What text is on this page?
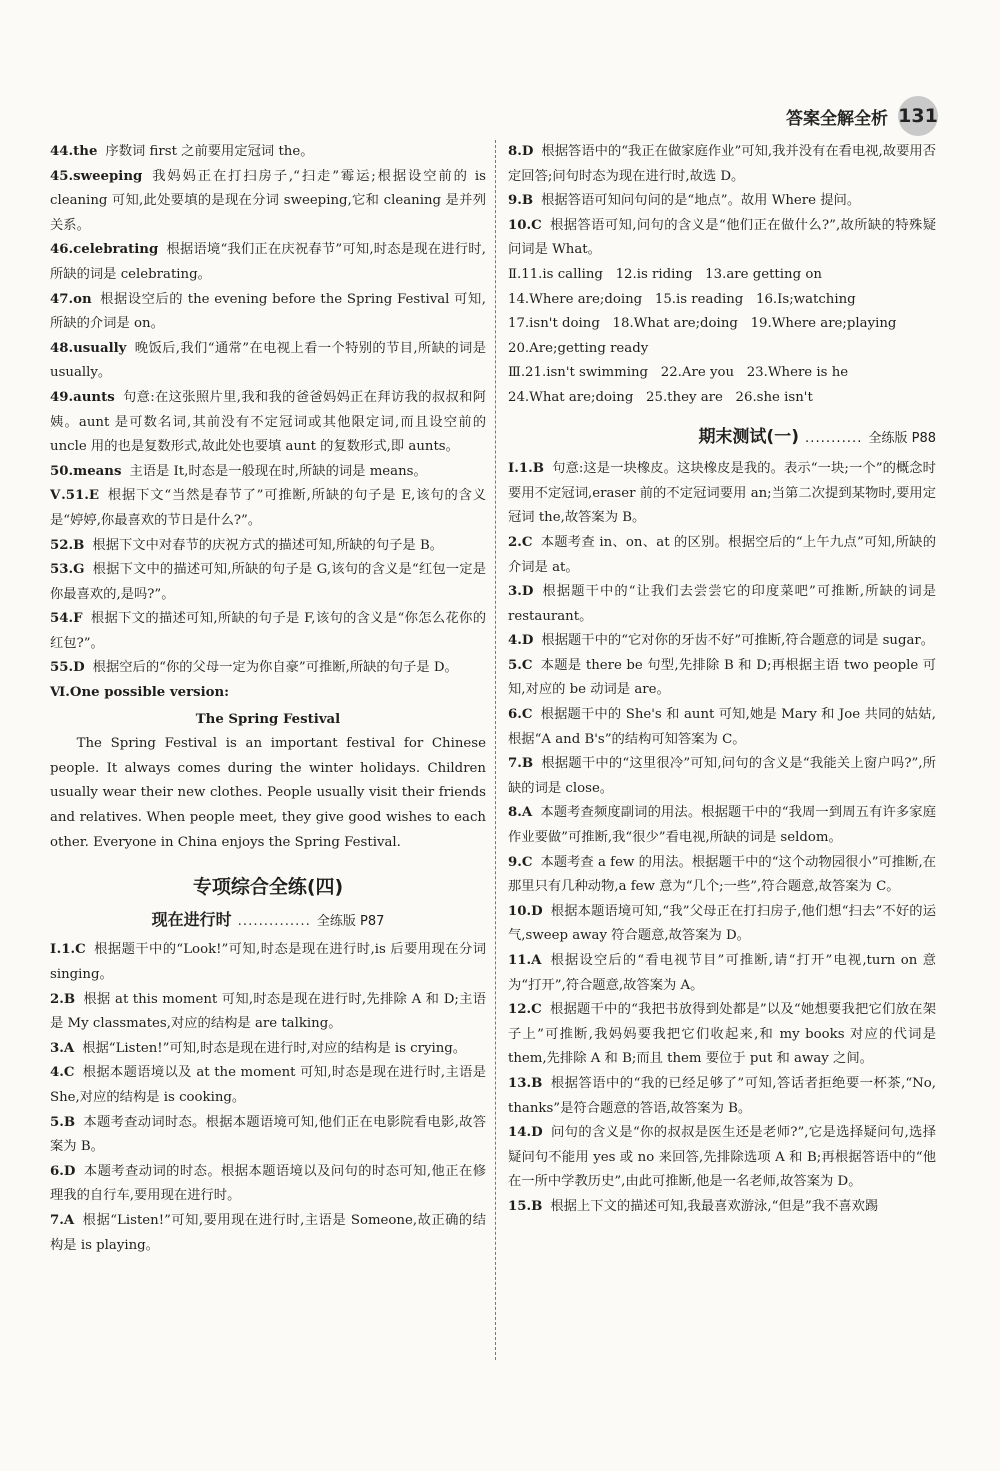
答案全解全析 131

44.the 序数词 first 之前要用定冠词 the。

45.sweeping 我妈妈正在打扫房子,“扫走”霉运;根据设空前的 is cleaning 可知,此处要填的是现在分词 sweeping,它和 cleaning 是并列关系。

46.celebrating 根据语境“我们正在庆祝春节”可知,时态是现在进行时,所缺的词是 celebrating。

47.on 根据设空后的 the evening before the Spring Festival 可知,所缺的介词是 on。

48.usually 晚饭后,我们“通常”在电视上看一个特别的节目,所缺的词是 usually。

49.aunts 句意:在这张照片里,我和我的爸爸妈妈正在拜访我的叔叔和阿姨。aunt 是可数名词,其前没有不定冠词或其他限定词,而且设空前的 uncle 用的也是复数形式,故此处也要填 aunt 的复数形式,即 aunts。

50.means 主语是 It,时态是一般现在时,所缺的词是 means。

Ⅴ.51.E 根据下文“当然是春节了”可推断,所缺的句子是 E,该句的含义是“婷婷,你最喜欢的节日是什么?”。

52.B 根据下文中对春节的庆祝方式的描述可知,所缺的句子是 B。

53.G 根据下文中的描述可知,所缺的句子是 G,该句的含义是“红包一定是你最喜欢的,是吗?”。

54.F 根据下文的描述可知,所缺的句子是 F,该句的含义是“你怎么花你的红包?”。

55.D 根据空后的“你的父母一定为你自豪”可推断,所缺的句子是 D。

Ⅵ.One possible version:

The Spring Festival

The Spring Festival is an important festival for Chinese people. It always comes during the winter holidays. Children usually wear their new clothes. People usually visit their friends and relatives. When people meet, they give good wishes to each other. Everyone in China enjoys the Spring Festival.

专项综合全练(四)
现在进行时 .............. 全练版 P87

Ⅰ.1.C 根据题干中的“Look!”可知,时态是现在进行时,is 后要用现在分词 singing。

2.B 根据 at this moment 可知,时态是现在进行时,先排除 A 和 D;主语是 My classmates,对应的结构是 are talking。

3.A 根据“Listen!”可知,时态是现在进行时,对应的结构是 is crying。

4.C 根据本题语境以及 at the moment 可知,时态是现在进行时,主语是 She,对应的结构是 is cooking。

5.B 本题考查动词时态。根据本题语境可知,他们正在电影院看电影,故答案为 B。

6.D 本题考查动词的时态。根据本题语境以及问句的时态可知,他正在修理我的自行车,要用现在进行时。

7.A 根据“Listen!”可知,要用现在进行时,主语是 Someone,故正确的结构是 is playing。

8.D 根据答语中的“我正在做家庭作业”可知,我并没有在看电视,故要用否定回答;问句时态为现在进行时,故选 D。

9.B 根据答语可知问句问的是“地点”。故用 Where 提问。

10.C 根据答语可知,问句的含义是“他们正在做什么?”,故所缺的特殊疑问词是 What。

Ⅱ.11.is calling   12.is riding   13.are getting on

14.Where are;doing   15.is reading   16.Is;watching

17.isn't doing   18.What are;doing   19.Where are;playing

20.Are;getting ready

Ⅲ.21.isn't swimming   22.Are you   23.Where is he

24.What are;doing   25.they are   26.she isn't

期末测试(一) ........... 全练版 P88

Ⅰ.1.B 句意:这是一块橡皮。这块橡皮是我的。表示“一块;一个”的概念时要用不定冠词,eraser 前的不定冠词要用 an;当第二次提到某物时,要用定冠词 the,故答案为 B。

2.C 本题考查 in、on、at 的区别。根据空后的“上午九点”可知,所缺的介词是 at。

3.D 根据题干中的“让我们去尝尝它的印度菜吧”可推断,所缺的词是 restaurant。

4.D 根据题干中的“它对你的牙齿不好”可推断,符合题意的词是 sugar。

5.C 本题是 there be 句型,先排除 B 和 D;再根据主语 two people 可知,对应的 be 动词是 are。

6.C 根据题干中的 She's 和 aunt 可知,她是 Mary 和 Joe 共同的姑姑,根据“A and B's”的结构可知答案为 C。

7.B 根据题干中的“这里很冷”可知,问句的含义是“我能关上窗户吗?”,所缺的词是 close。

8.A 本题考查频度副词的用法。根据题干中的“我周一到周五有许多家庭作业要做”可推断,我“很少”看电视,所缺的词是 seldom。

9.C 本题考查 a few 的用法。根据题干中的“这个动物园很小”可推断,在那里只有几种动物,a few 意为“几个;一些”,符合题意,故答案为 C。

10.D 根据本题语境可知,“我”父母正在打扫房子,他们想“扫去”不好的运气,sweep away 符合题意,故答案为 D。

11.A 根据设空后的“看电视节目”可推断,请“打开”电视,turn on 意为“打开”,符合题意,故答案为 A。

12.C 根据题干中的“我把书放得到处都是”以及“她想要我把它们放在架子上”可推断,我妈妈要我把它们收起来,和 my books 对应的代词是 them,先排除 A 和 B;而且 them 要位于 put 和 away 之间。

13.B 根据答语中的“我的已经足够了”可知,答话者拒绝要一杯茶,“No, thanks”是符合题意的答语,故答案为 B。

14.D 问句的含义是“你的叔叔是医生还是老师?”,它是选择疑问句,选择疑问句不能用 yes 或 no 来回答,先排除选项 A 和 B;再根据答语中的“他在一所中学教历史”,由此可推断,他是一名老师,故答案为 D。

15.B 根据上下文的描述可知,我最喜欢游泳,“但是”我不喜欢踢
